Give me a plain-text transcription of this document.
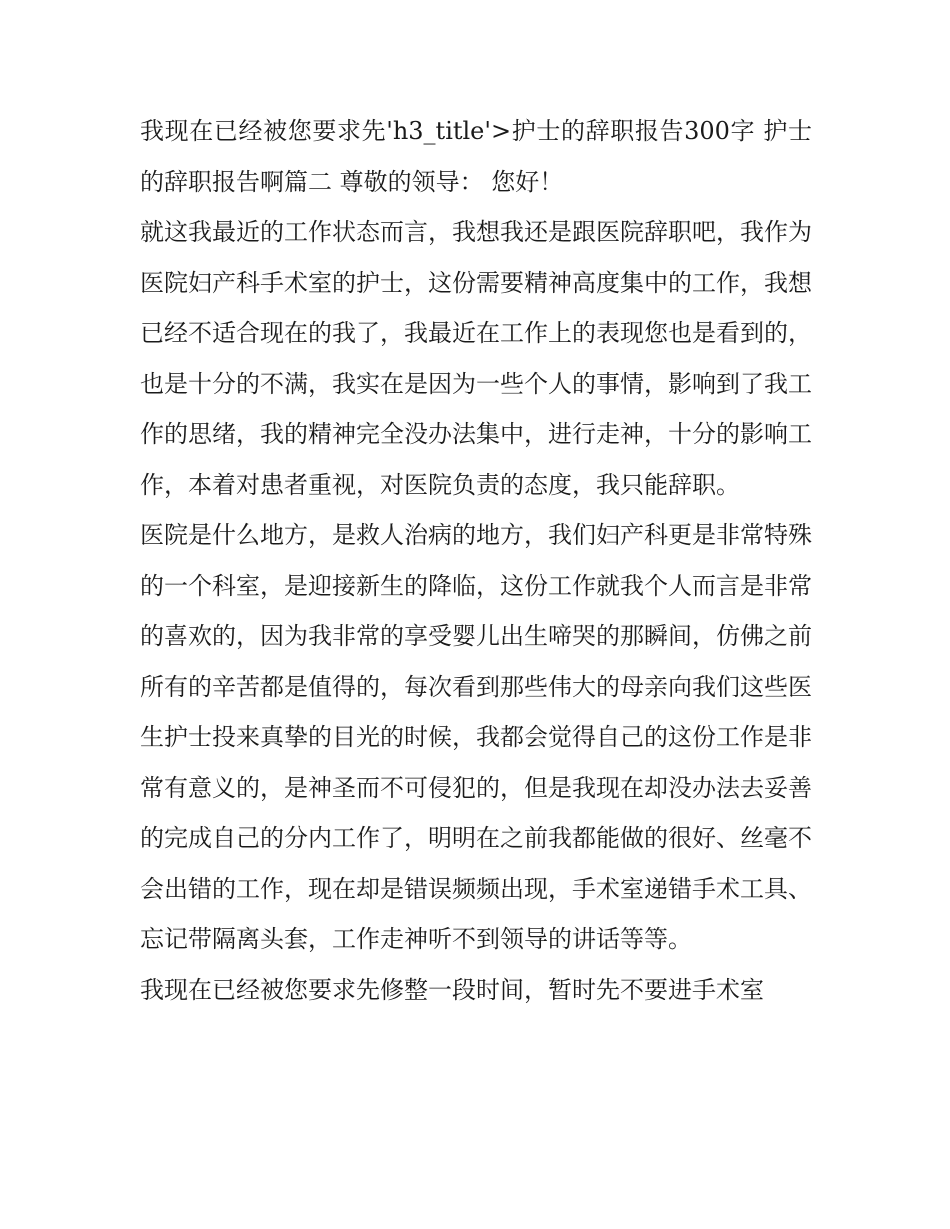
我现在已经被您要求先'h3_title'>护士的辞职报告300字 护士的辞职报告啊篇二 尊敬的领导： 您好！

就这我最近的工作状态而言，我想我还是跟医院辞职吧，我作为医院妇产科手术室的护士，这份需要精神高度集中的工作，我想已经不适合现在的我了，我最近在工作上的表现您也是看到的，也是十分的不满，我实在是因为一些个人的事情，影响到了我工作的思绪，我的精神完全没办法集中，进行走神，十分的影响工作，本着对患者重视，对医院负责的态度，我只能辞职。

医院是什么地方，是救人治病的地方，我们妇产科更是非常特殊的一个科室，是迎接新生的降临，这份工作就我个人而言是非常的喜欢的，因为我非常的享受婴儿出生啼哭的那瞬间，仿佛之前所有的辛苦都是值得的，每次看到那些伟大的母亲向我们这些医生护士投来真挚的目光的时候，我都会觉得自己的这份工作是非常有意义的，是神圣而不可侵犯的，但是我现在却没办法去妥善的完成自己的分内工作了，明明在之前我都能做的很好、丝毫不会出错的工作，现在却是错误频频出现，手术室递错手术工具、忘记带隔离头套，工作走神听不到领导的讲话等等。

我现在已经被您要求先修整一段时间，暂时先不要进手术室
